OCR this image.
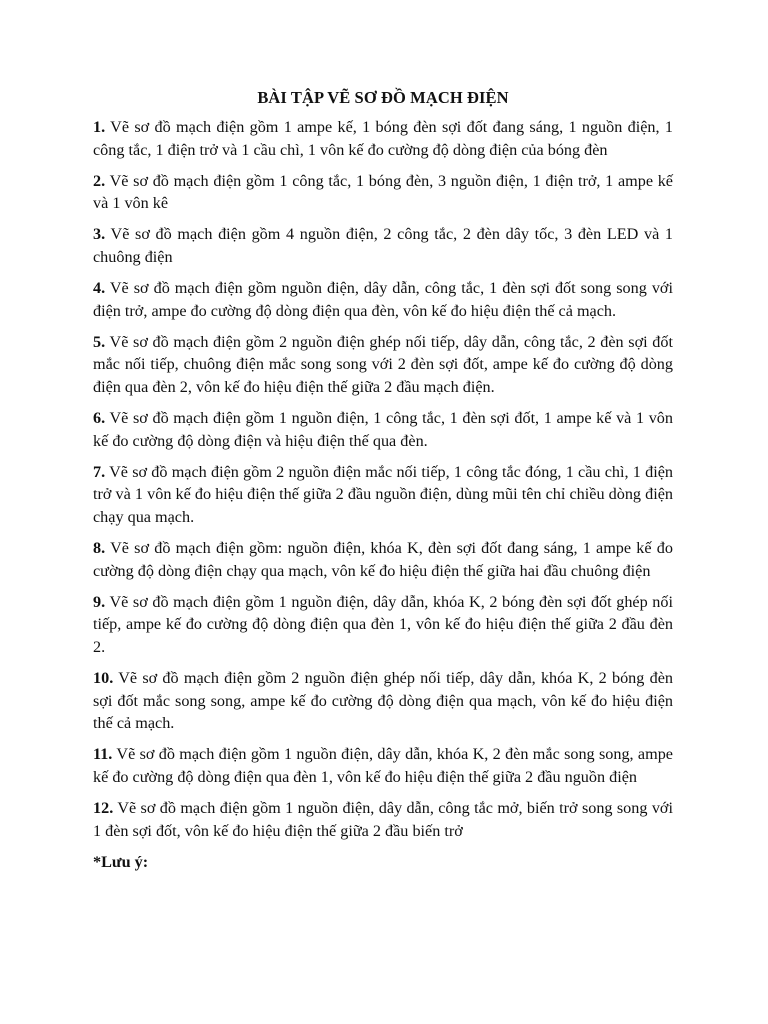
BÀI TẬP VẼ SƠ ĐỒ MẠCH ĐIỆN
1. Vẽ sơ đồ mạch điện gồm 1 ampe kế, 1 bóng đèn sợi đốt đang sáng, 1 nguồn điện, 1 công tắc, 1 điện trở và 1 cầu chì, 1 vôn kế đo cường độ dòng điện của bóng đèn
2. Vẽ sơ đồ mạch điện gồm 1 công tắc, 1 bóng đèn, 3 nguồn điện, 1 điện trở, 1 ampe kế và 1 vôn kê
3. Vẽ sơ đồ mạch điện gồm 4 nguồn điện, 2 công tắc, 2 đèn dây tốc, 3 đèn LED và 1 chuông điện
4. Vẽ sơ đồ mạch điện gồm nguồn điện, dây dẫn, công tắc, 1 đèn sợi đốt song song với điện trở, ampe đo cường độ dòng điện qua đèn, vôn kế đo hiệu điện thế cả mạch.
5. Vẽ sơ đồ mạch điện gồm 2 nguồn điện ghép nối tiếp, dây dẫn, công tắc, 2 đèn sợi đốt mắc nối tiếp, chuông điện mắc song song với 2 đèn sợi đốt, ampe kế đo cường độ dòng điện qua đèn 2, vôn kế đo hiệu điện thế giữa 2 đầu mạch điện.
6. Vẽ sơ đồ mạch điện gồm 1 nguồn điện, 1 công tắc, 1 đèn sợi đốt, 1 ampe kế và 1 vôn kế đo cường độ dòng điện và hiệu điện thế qua đèn.
7. Vẽ sơ đồ mạch điện gồm 2 nguồn điện mắc nối tiếp, 1 công tắc đóng, 1 cầu chì, 1 điện trở và 1 vôn kế đo hiệu điện thế giữa 2 đầu nguồn điện, dùng mũi tên chỉ chiều dòng điện chạy qua mạch.
8. Vẽ sơ đồ mạch điện gồm: nguồn điện, khóa K, đèn sợi đốt đang sáng, 1 ampe kế đo cường độ dòng điện chạy qua mạch, vôn kế đo hiệu điện thế giữa hai đầu chuông điện
9. Vẽ sơ đồ mạch điện gồm 1 nguồn điện, dây dẫn, khóa K, 2 bóng đèn sợi đốt ghép nối tiếp, ampe kế đo cường độ dòng điện qua đèn 1, vôn kế đo hiệu điện thế giữa 2 đầu đèn 2.
10. Vẽ sơ đồ mạch điện gồm 2 nguồn điện ghép nối tiếp, dây dẫn, khóa K, 2 bóng đèn sợi đốt mắc song song, ampe kế đo cường độ dòng điện qua mạch, vôn kế đo hiệu điện thế cả mạch.
11. Vẽ sơ đồ mạch điện gồm 1 nguồn điện, dây dẫn, khóa K, 2 đèn mắc song song, ampe kế đo cường độ dòng điện qua đèn 1, vôn kế đo hiệu điện thế giữa 2 đầu nguồn điện
12. Vẽ sơ đồ mạch điện gồm 1 nguồn điện, dây dẫn, công tắc mở, biến trở song song với 1 đèn sợi đốt, vôn kế đo hiệu điện thế giữa 2 đầu biến trở
*Lưu ý:
